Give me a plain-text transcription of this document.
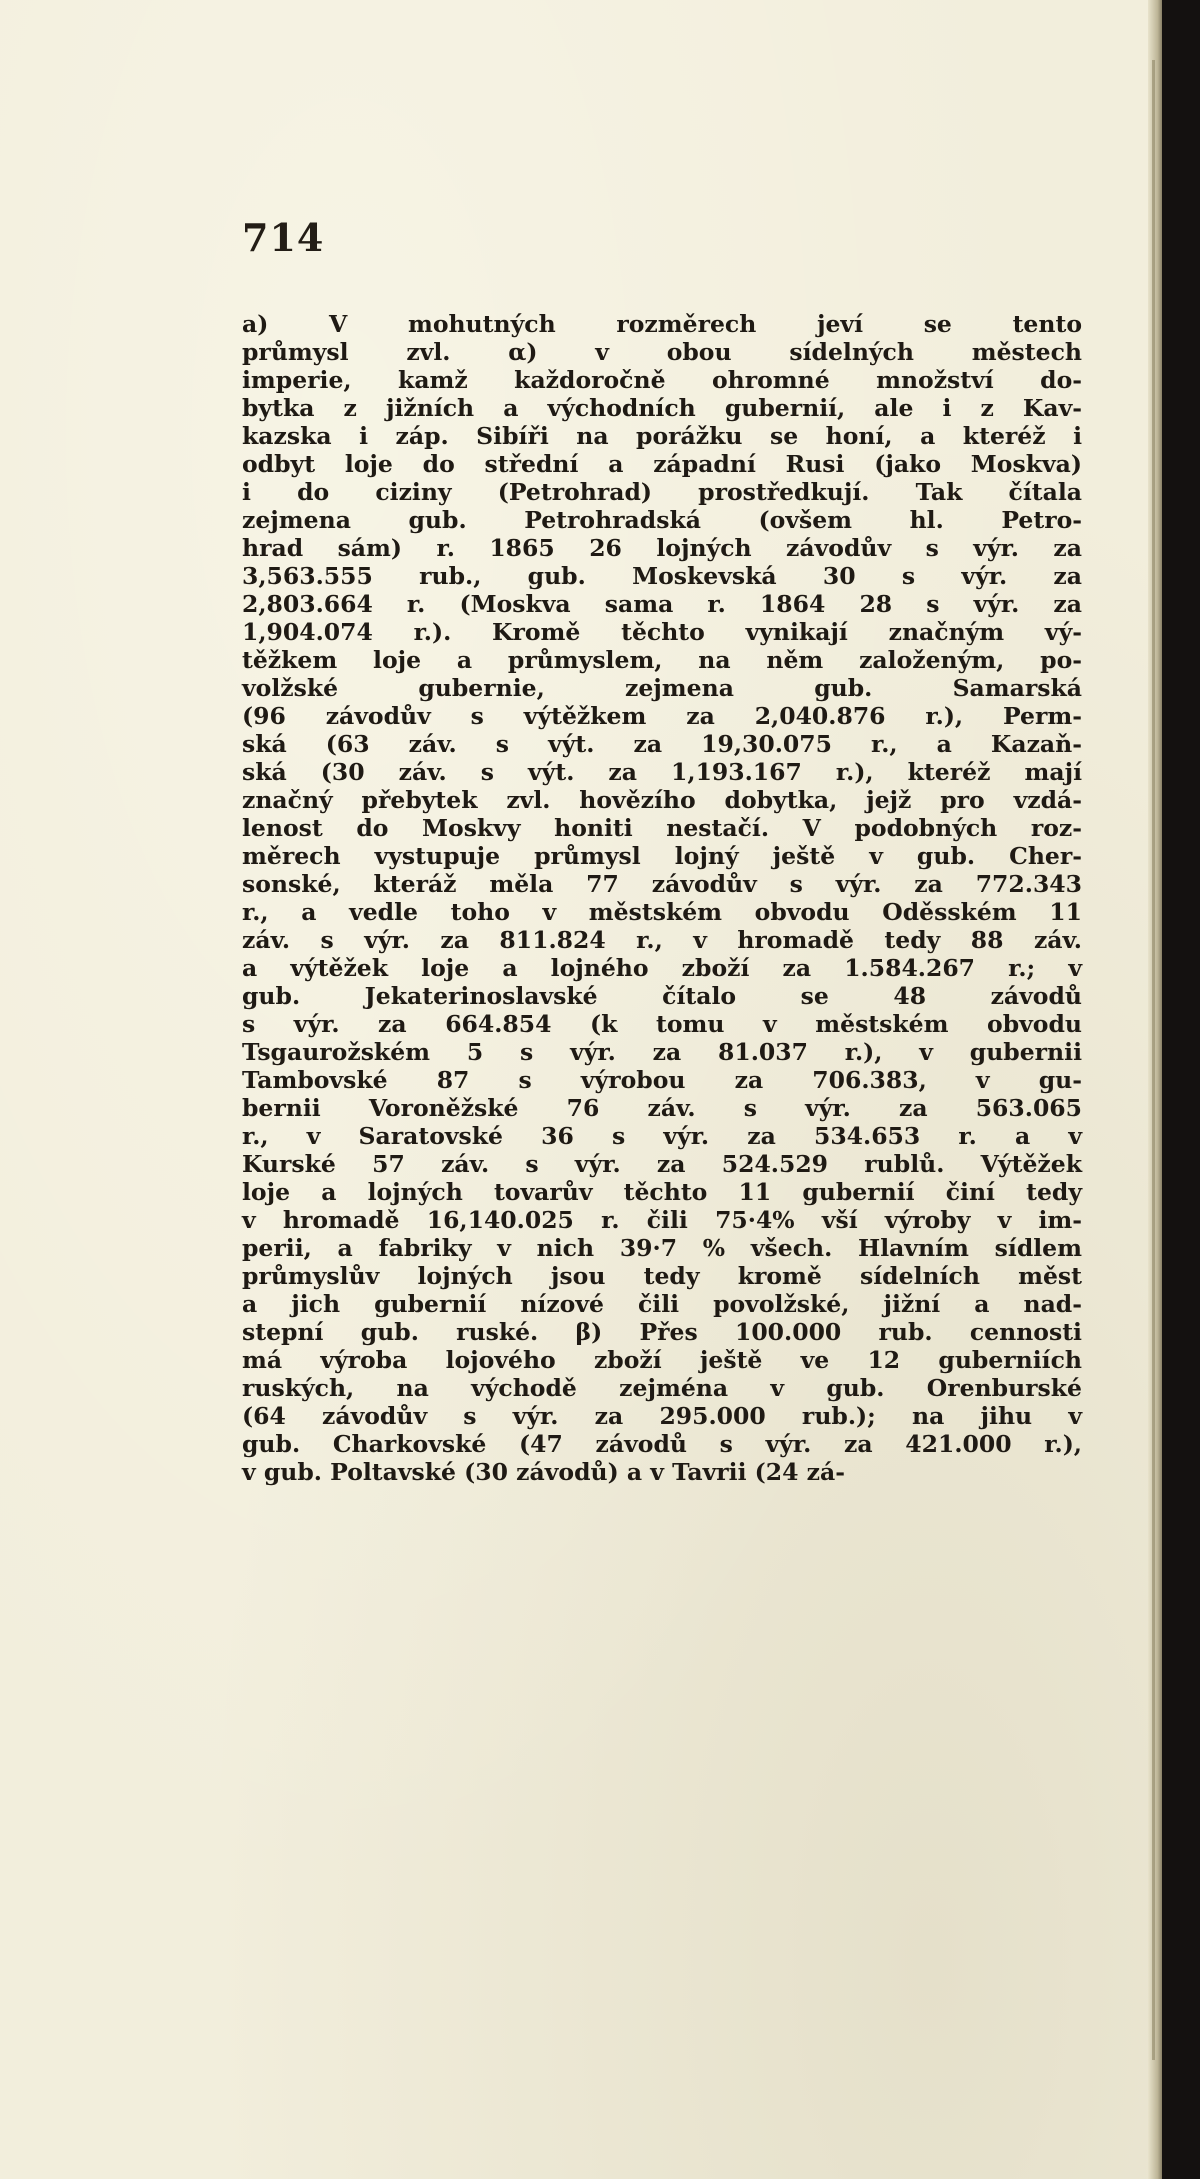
714
a) V mohutných rozměrech jeví se tento
průmysl zvl. α) v obou sídelných městech
imperie, kamž každoročně ohromné množství do-
bytka z jižních a východních gubernií, ale i z Kav-
kazska i záp. Sibíři na porážku se honí, a kteréž i
odbyt loje do střední a západní Rusi (jako Moskva)
i do ciziny (Petrohrad) prostředkují. Tak čítala
zejmena gub. Petrohradská (ovšem hl. Petro-
hrad sám) r. 1865 26 lojných závodův s výr. za
3,563.555 rub., gub. Moskevská 30 s výr. za
2,803.664 r. (Moskva sama r. 1864 28 s výr. za
1,904.074 r.). Kromě těchto vynikají značným vý-
těžkem loje a průmyslem, na něm založeným, po-
volžské gubernie, zejmena gub. Samarská
(96 závodův s výtěžkem za 2,040.876 r.), Perm-
ská (63 záv. s výt. za 19,30.075 r., a Kazaň-
ská (30 záv. s výt. za 1,193.167 r.), kteréž mají
značný přebytek zvl. hovězího dobytka, jejž pro vzdá-
lenost do Moskvy honiti nestačí. V podobných roz-
měrech vystupuje průmysl lojný ještě v gub. Cher-
sonské, kteráž měla 77 závodův s výr. za 772.343
r., a vedle toho v městském obvodu Oděsském 11
záv. s výr. za 811.824 r., v hromadě tedy 88 záv.
a výtěžek loje a lojného zboží za 1.584.267 r.; v
gub. Jekaterinoslavské čítalo se 48 závodů
s výr. za 664.854 (k tomu v městském obvodu
Tsgaurožském 5 s výr. za 81.037 r.), v gubernii
Tambovské 87 s výrobou za 706.383, v gu-
bernii Voroněžské 76 záv. s výr. za 563.065
r., v Saratovské 36 s výr. za 534.653 r. a v
Kurské 57 záv. s výr. za 524.529 rublů. Výtěžek
loje a lojných tovarův těchto 11 gubernií činí tedy
v hromadě 16,140.025 r. čili 75·4% vší výroby v im-
perii, a fabriky v nich 39·7 % všech. Hlavním sídlem
průmyslův lojných jsou tedy kromě sídelních měst
a jich gubernií nízové čili povolžské, jižní a nad-
stepní gub. ruské. β) Přes 100.000 rub. cennosti
má výroba lojového zboží ještě ve 12 guberniích
ruských, na východě zejména v gub. Orenburské
(64 závodův s výr. za 295.000 rub.); na jihu v
gub. Charkovské (47 závodů s výr. za 421.000 r.),
v gub. Poltavské (30 závodů) a v Tavrii (24 zá-
